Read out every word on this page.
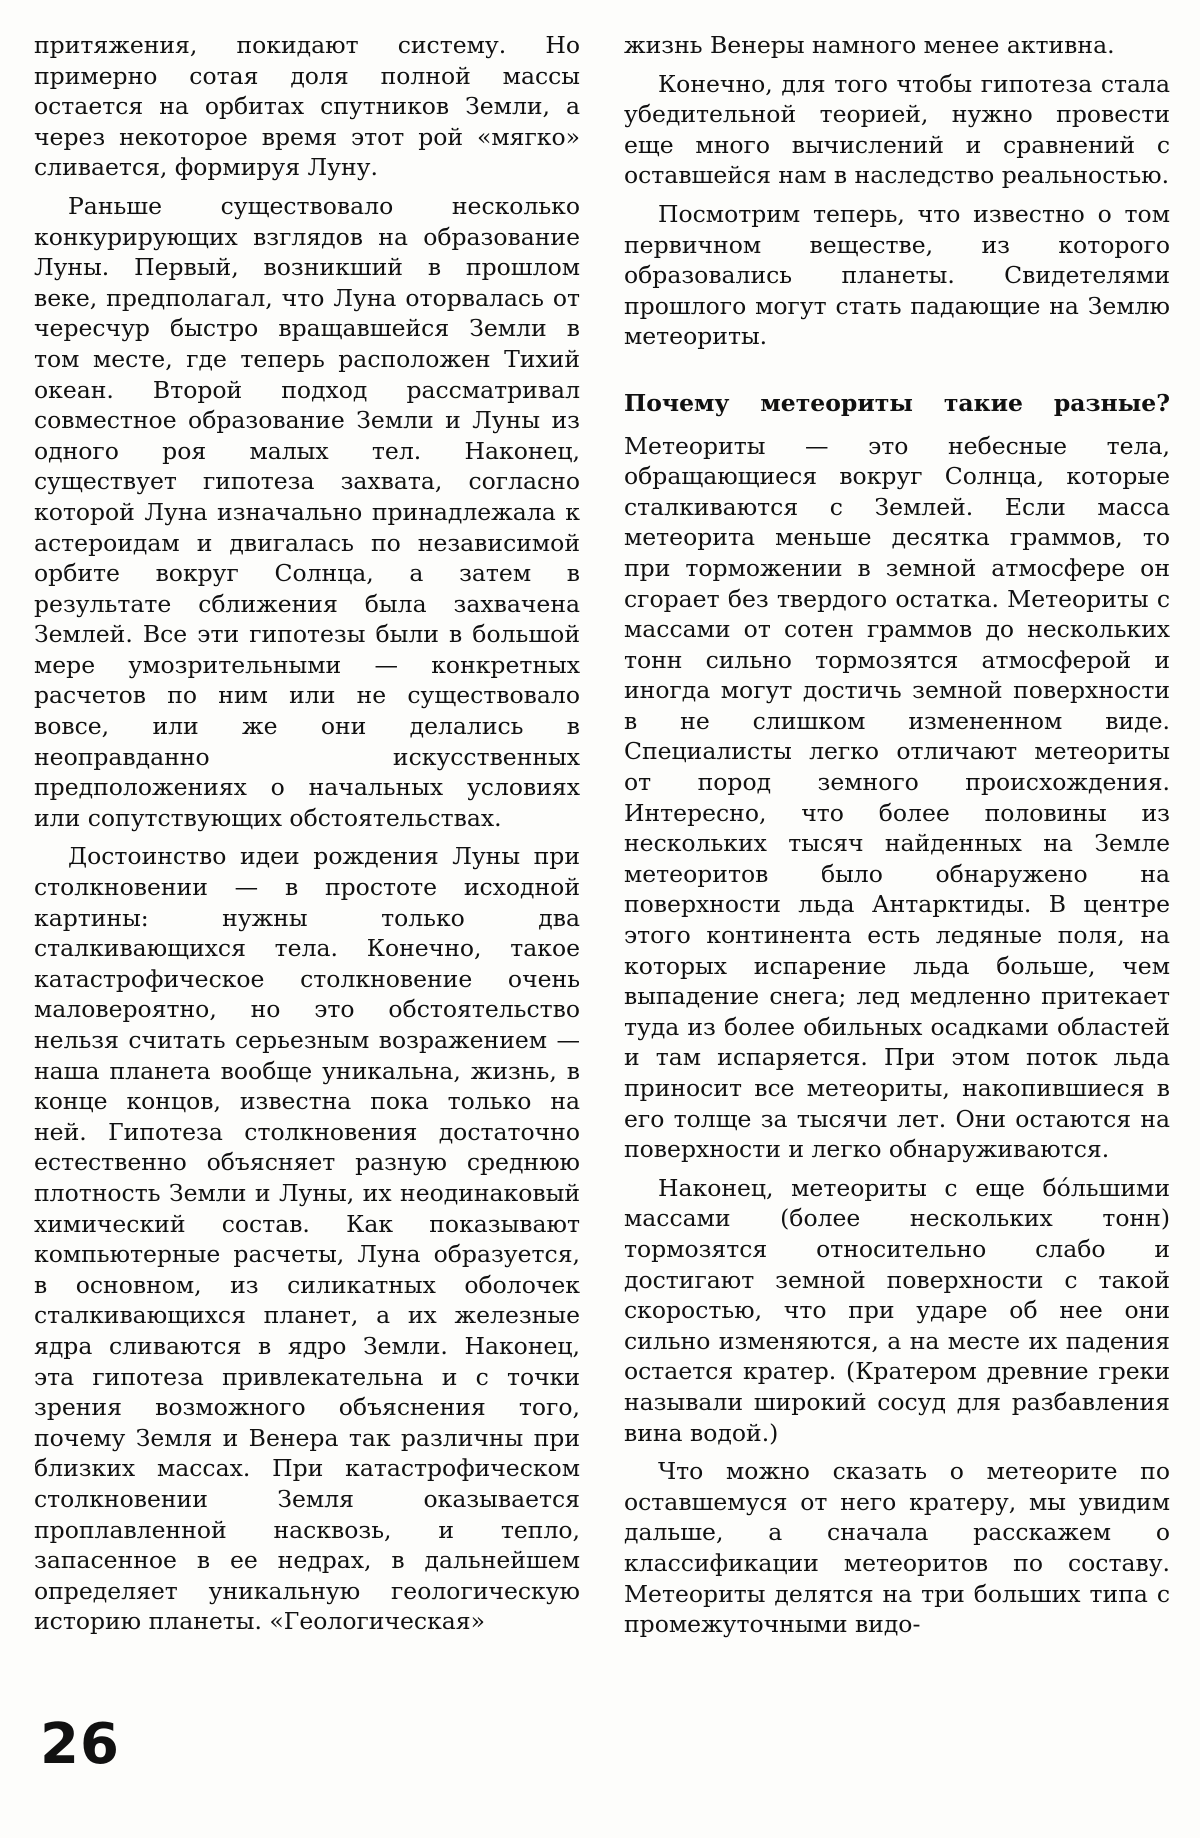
притяжения, покидают систему. Но примерно сотая доля полной массы остается на орбитах спутников Земли, а через некоторое время этот рой «мягко» сливается, формируя Луну.

Раньше существовало несколько конкурирующих взглядов на образование Луны. Первый, возникший в прошлом веке, предполагал, что Луна оторвалась от чересчур быстро вращавшейся Земли в том месте, где теперь расположен Тихий океан. Второй подход рассматривал совместное образование Земли и Луны из одного роя малых тел. Наконец, существует гипотеза захвата, согласно которой Луна изначально принадлежала к астероидам и двигалась по независимой орбите вокруг Солнца, а затем в результате сближения была захвачена Землей. Все эти гипотезы были в большой мере умозрительными — конкретных расчетов по ним или не существовало вовсе, или же они делались в неоправданно искусственных предположениях о начальных условиях или сопутствующих обстоятельствах.

Достоинство идеи рождения Луны при столкновении — в простоте исходной картины: нужны только два сталкивающихся тела. Конечно, такое катастрофическое столкновение очень маловероятно, но это обстоятельство нельзя считать серьезным возражением — наша планета вообще уникальна, жизнь, в конце концов, известна пока только на ней. Гипотеза столкновения достаточно естественно объясняет разную среднюю плотность Земли и Луны, их неодинаковый химический состав. Как показывают компьютерные расчеты, Луна образуется, в основном, из силикатных оболочек сталкивающихся планет, а их железные ядра сливаются в ядро Земли. Наконец, эта гипотеза привлекательна и с точки зрения возможного объяснения того, почему Земля и Венера так различны при близких массах. При катастрофическом столкновении Земля оказывается проплавленной насквозь, и тепло, запасенное в ее недрах, в дальнейшем определяет уникальную геологическую историю планеты. «Геологическая»

жизнь Венеры намного менее активна.

Конечно, для того чтобы гипотеза стала убедительной теорией, нужно провести еще много вычислений и сравнений с оставшейся нам в наследство реальностью.

Посмотрим теперь, что известно о том первичном веществе, из которого образовались планеты. Свидетелями прошлого могут стать падающие на Землю метеориты.

Почему метеориты такие разные?

Метеориты — это небесные тела, обращающиеся вокруг Солнца, которые сталкиваются с Землей. Если масса метеорита меньше десятка граммов, то при торможении в земной атмосфере он сгорает без твердого остатка. Метеориты с массами от сотен граммов до нескольких тонн сильно тормозятся атмосферой и иногда могут достичь земной поверхности в не слишком измененном виде. Специалисты легко отличают метеориты от пород земного происхождения. Интересно, что более половины из нескольких тысяч найденных на Земле метеоритов было обнаружено на поверхности льда Антарктиды. В центре этого континента есть ледяные поля, на которых испарение льда больше, чем выпадение снега; лед медленно притекает туда из более обильных осадками областей и там испаряется. При этом поток льда приносит все метеориты, накопившиеся в его толще за тысячи лет. Они остаются на поверхности и легко обнаруживаются.

Наконец, метеориты с еще бо́льшими массами (более нескольких тонн) тормозятся относительно слабо и достигают земной поверхности с такой скоростью, что при ударе об нее они сильно изменяются, а на месте их падения остается кратер. (Кратером древние греки называли широкий сосуд для разбавления вина водой.)

Что можно сказать о метеорите по оставшемуся от него кратеру, мы увидим дальше, а сначала расскажем о классификации метеоритов по составу. Метеориты делятся на три больших типа с промежуточными видо-

26
